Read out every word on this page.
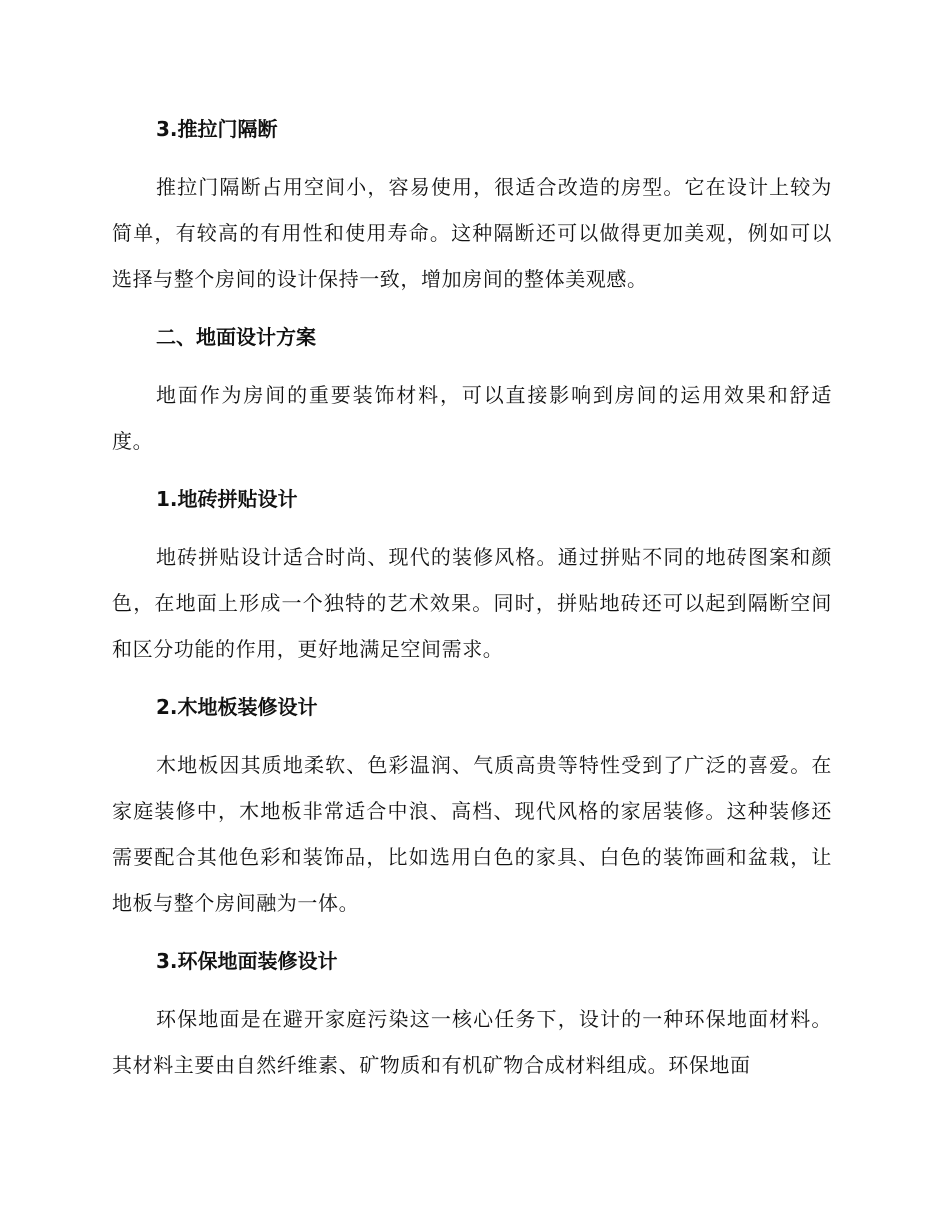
3.推拉门隔断

推拉门隔断占用空间小，容易使用，很适合改造的房型。它在设计上较为简单，有较高的有用性和使用寿命。这种隔断还可以做得更加美观，例如可以选择与整个房间的设计保持一致，增加房间的整体美观感。

二、地面设计方案

地面作为房间的重要装饰材料，可以直接影响到房间的运用效果和舒适度。

1.地砖拼贴设计

地砖拼贴设计适合时尚、现代的装修风格。通过拼贴不同的地砖图案和颜色，在地面上形成一个独特的艺术效果。同时，拼贴地砖还可以起到隔断空间和区分功能的作用，更好地满足空间需求。

2.木地板装修设计

木地板因其质地柔软、色彩温润、气质高贵等特性受到了广泛的喜爱。在家庭装修中，木地板非常适合中浪、高档、现代风格的家居装修。这种装修还需要配合其他色彩和装饰品，比如选用白色的家具、白色的装饰画和盆栽，让地板与整个房间融为一体。

3.环保地面装修设计

环保地面是在避开家庭污染这一核心任务下，设计的一种环保地面材料。其材料主要由自然纤维素、矿物质和有机矿物合成材料组成。环保地面
